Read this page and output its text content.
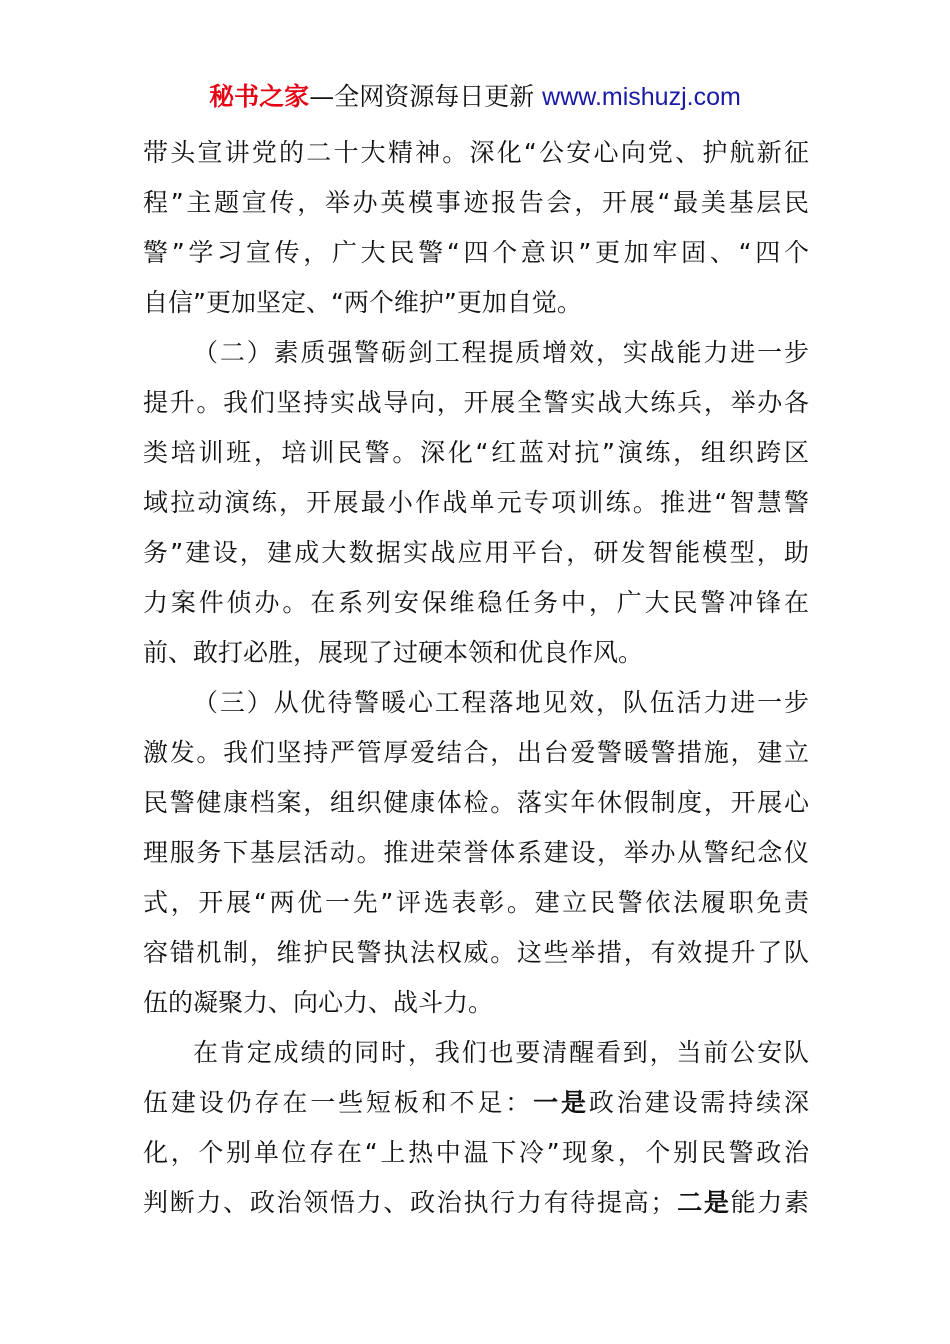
秘书之家—全网资源每日更新 www.mishuzj.com
带头宣讲党的二十大精神。深化“公安心向党、护航新征
程”主题宣传，举办英模事迹报告会，开展“最美基层民
警”学习宣传，广大民警“四个意识”更加牢固、“四个
自信”更加坚定、“两个维护”更加自觉。
（二）素质强警砺剑工程提质增效，实战能力进一步
提升。我们坚持实战导向，开展全警实战大练兵，举办各
类培训班，培训民警。深化“红蓝对抗”演练，组织跨区
域拉动演练，开展最小作战单元专项训练。推进“智慧警
务”建设，建成大数据实战应用平台，研发智能模型，助
力案件侦办。在系列安保维稳任务中，广大民警冲锋在
前、敢打必胜，展现了过硬本领和优良作风。
（三）从优待警暖心工程落地见效，队伍活力进一步
激发。我们坚持严管厚爱结合，出台爱警暖警措施，建立
民警健康档案，组织健康体检。落实年休假制度，开展心
理服务下基层活动。推进荣誉体系建设，举办从警纪念仪
式，开展“两优一先”评选表彰。建立民警依法履职免责
容错机制，维护民警执法权威。这些举措，有效提升了队
伍的凝聚力、向心力、战斗力。
在肯定成绩的同时，我们也要清醒看到，当前公安队
伍建设仍存在一些短板和不足：一是政治建设需持续深
化，个别单位存在“上热中温下冷”现象，个别民警政治
判断力、政治领悟力、政治执行力有待提高；二是能力素
